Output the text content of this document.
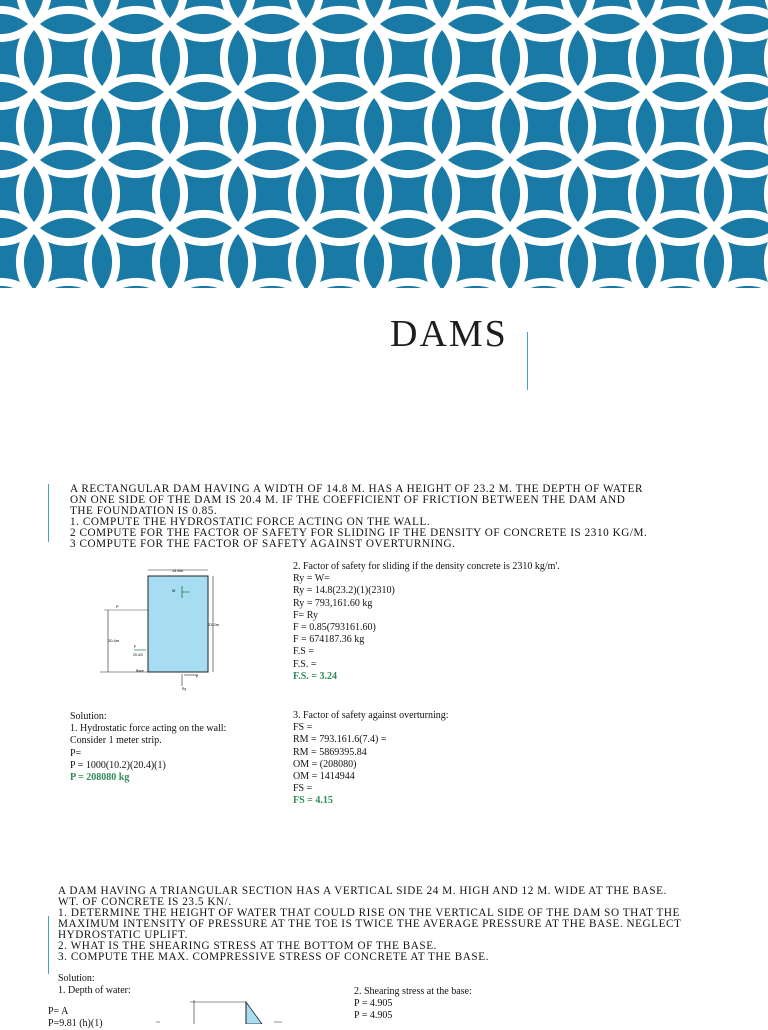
DAMS
A RECTANGULAR DAM HAVING A WIDTH OF 14.8 M. HAS A HEIGHT OF 23.2 M. THE DEPTH OF WATER
ON ONE SIDE OF THE DAM IS 20.4 M. IF THE COEFFICIENT OF FRICTION BETWEEN THE DAM AND
THE FOUNDATION IS 0.85.
1. COMPUTE THE HYDROSTATIC FORCE ACTING ON THE WALL.
2 COMPUTE FOR THE FACTOR OF SAFETY FOR SLIDING IF THE DENSITY OF CONCRETE IS 2310 KG/M.
3 COMPUTE FOR THE FACTOR OF SAFETY AGAINST OVERTURNING.
14.8m
23.2m
P
20.4m
P
20.4/3
W
Base
F
Ry
Solution:
1. Hydrostatic force acting on the wall:
Consider 1 meter strip.
P=
P = 1000(10.2)(20.4)(1)
P = 208080 kg
2. Factor of safety for sliding if the density concrete is 2310 kg/m'.
Ry = W=
Ry = 14.8(23.2)(1)(2310)
Ry = 793,161.60 kg
F= Ry
F = 0.85(793161.60)
F = 674187.36 kg
F.S =
F.S. =
F.S. = 3.24
3. Factor of safety against overturning:
FS =
RM = 793.161.6(7.4) =
RM = 5869395.84
OM = (208080)
OM = 1414944
FS =
FS = 4.15
A DAM HAVING A TRIANGULAR SECTION HAS A VERTICAL SIDE 24 M. HIGH AND 12 M. WIDE AT THE BASE.
WT. OF CONCRETE IS 23.5 KN/.
1. DETERMINE THE HEIGHT OF WATER THAT COULD RISE ON THE VERTICAL SIDE OF THE DAM SO THAT THE
MAXIMUM INTENSITY OF PRESSURE AT THE TOE IS TWICE THE AVERAGE PRESSURE AT THE BASE. NEGLECT
HYDROSTATIC UPLIFT.
2. WHAT IS THE SHEARING STRESS AT THE BOTTOM OF THE BASE.
3. COMPUTE THE MAX. COMPRESSIVE STRESS OF CONCRETE AT THE BASE.
Solution:
1. Depth of water:
P= A
P=9.81 (h)(1)
2. Shearing stress at the base:
P = 4.905
P = 4.905
